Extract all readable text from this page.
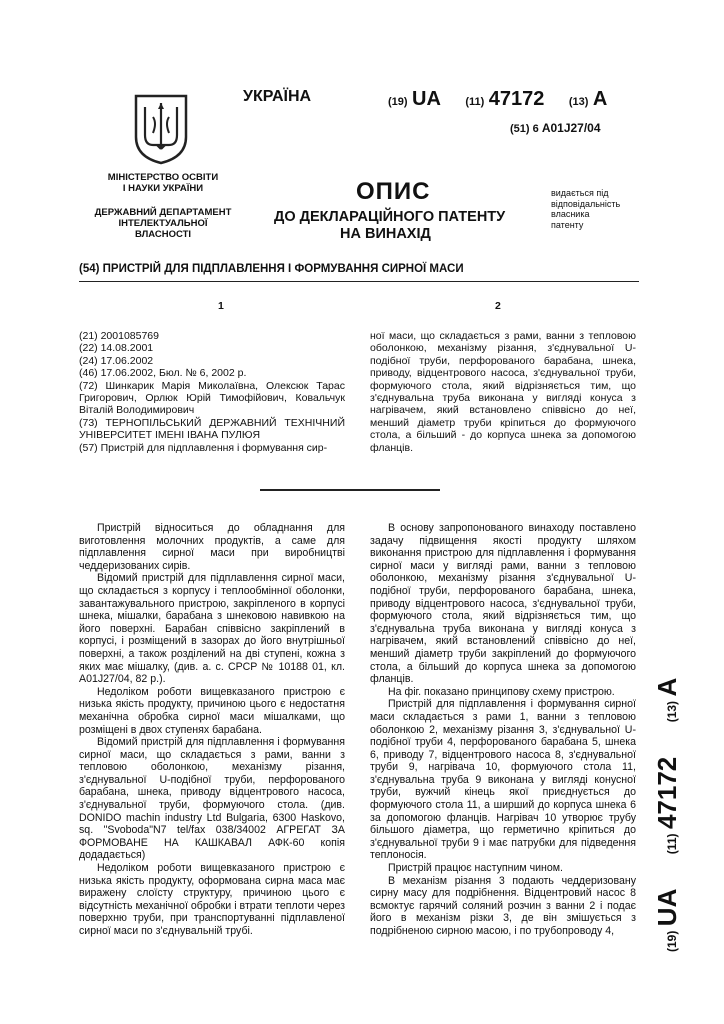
МІНІСТЕРСТВО ОСВІТИ
І НАУКИ УКРАЇНИ
ДЕРЖАВНИЙ ДЕПАРТАМЕНТ
ІНТЕЛЕКТУАЛЬНОЇ
ВЛАСНОСТІ
УКРАЇНА	(19) UA (11) 47172 (13) A
(51) 6 A01J27/04
ОПИС
ДО ДЕКЛАРАЦІЙНОГО ПАТЕНТУ
НА ВИНАХІД
видається під
відповідальність
власника
патенту
(54) ПРИСТРІЙ ДЛЯ ПІДПЛАВЛЕННЯ І ФОРМУВАННЯ СИРНОЇ МАСИ
1	2
(21) 2001085769
(22) 14.08.2001
(24) 17.06.2002
(46) 17.06.2002, Бюл. № 6, 2002 р.
(72) Шинкарик Марія Миколаївна, Олексюк Тарас Григорович, Орлюк Юрій Тимофійович, Ковальчук Віталій Володимирович
(73) ТЕРНОПІЛЬСЬКИЙ ДЕРЖАВНИЙ ТЕХНІЧНИЙ УНІВЕРСИТЕТ ІМЕНІ ІВАНА ПУЛЮЯ
(57) Пристрій для підплавлення і формування сир-
ної маси, що складається з рами, ванни з тепловою оболонкою, механізму різання, з'єднувальної U-подібної труби, перфорованого барабана, шнека, приводу, відцентрового насоса, з'єднувальної труби, формуючого стола, який відрізняється тим, що з'єднувальна труба виконана у вигляді конуса з нагрівачем, який встановлено співвісно до неї, менший діаметр труби кріпиться до формуючого стола, а більший - до корпуса шнека за допомогою фланців.

Пристрій відноситься до обладнання для виготовлення молочних продуктів, а саме для підплавлення сирної маси при виробництві чеддеризованих сирів.

Відомий пристрій для підплавлення сирної маси, що складається з корпусу і теплообмінної оболонки, завантажувального пристрою, закріпленого в корпусі шнека, мішалки, барабана з шнековою навивкою на його поверхні. Барабан співвісно закріплений в корпусі, і розміщений в зазорах до його внутрішньої поверхні, а також розділений на дві ступені, кожна з яких має мішалку, (див. а. с. СРСР № 10188 01, кл. А01J27/04, 82 р.).

Недоліком роботи вищевказаного пристрою є низька якість продукту, причиною цього є недостатня механічна обробка сирної маси мішалками, що розміщені в двох ступенях барабана.

Відомий пристрій для підплавлення і формування сирної маси, що складається з рами, ванни з тепловою оболонкою, механізму різання, з'єднувальної U-подібної труби, перфорованого барабана, шнека, приводу відцентрового насоса, з'єднувальної труби, формуючого стола. (див. DONIDO machin industry Ltd Bulgaria, 6300 Haskovo, sq. "Svoboda"N7 tel/fax 038/34002 АГРЕГАТ ЗА ФОРМОВАНЕ НА КАШКАВАЛ АФК-60 копія додадається)

Недоліком роботи вищевказаного пристрою є низька якість продукту, оформована сирна маса має виражену слоїсту структуру, причиною цього є відсутність механічної обробки і втрати теплоти через поверхню труби, при транспортуванні підплавленої сирної маси по з'єднувальній трубі.

В основу запропонованого винаходу поставлено задачу підвищення якості продукту шляхом виконання пристрою для підплавлення і формування сирної маси у вигляді рами, ванни з тепловою оболонкою, механізму різання з'єднувальної U-подібної труби, перфорованого барабана, шнека, приводу відцентрового насоса, з'єднувальної труби, формуючого стола, який відрізняється тим, що з'єднувальна труба виконана у вигляді конуса з нагрівачем, який встановлений співвісно до неї, менший діаметр труби закріплений до формуючого стола, а більший до корпуса шнека за допомогою фланців.

На фіг. показано принципову схему пристрою.

Пристрій для підплавлення і формування сирної маси складається з рами 1, ванни з тепловою оболонкою 2, механізму різання 3, з'єднувальної U-подібної труби 4, перфорованого барабана 5, шнека 6, приводу 7, відцентрового насоса 8, з'єднувальної труби 9, нагрівача 10, формуючого стола 11, з'єднувальна труба 9 виконана у вигляді конусної труби, вужчий кінець якої приєднується до формуючого стола 11, а ширший до корпуса шнека 6 за допомогою фланців. Нагрівач 10 утворює трубу більшого діаметра, що герметично кріпиться до з'єднувальної труби 9 і має патрубки для підведення теплоносія.

Пристрій працює наступним чином.

В механізм різання 3 подають чеддеризовану сирну масу для подрібнення. Відцентровий насос 8 всмоктує гарячий соляний розчин з ванни 2 і подає його в механізм різки 3, де він змішується з подрібненою сирною масою, і по трубопроводу 4,	(19) UA (11) 47172 (13) A
